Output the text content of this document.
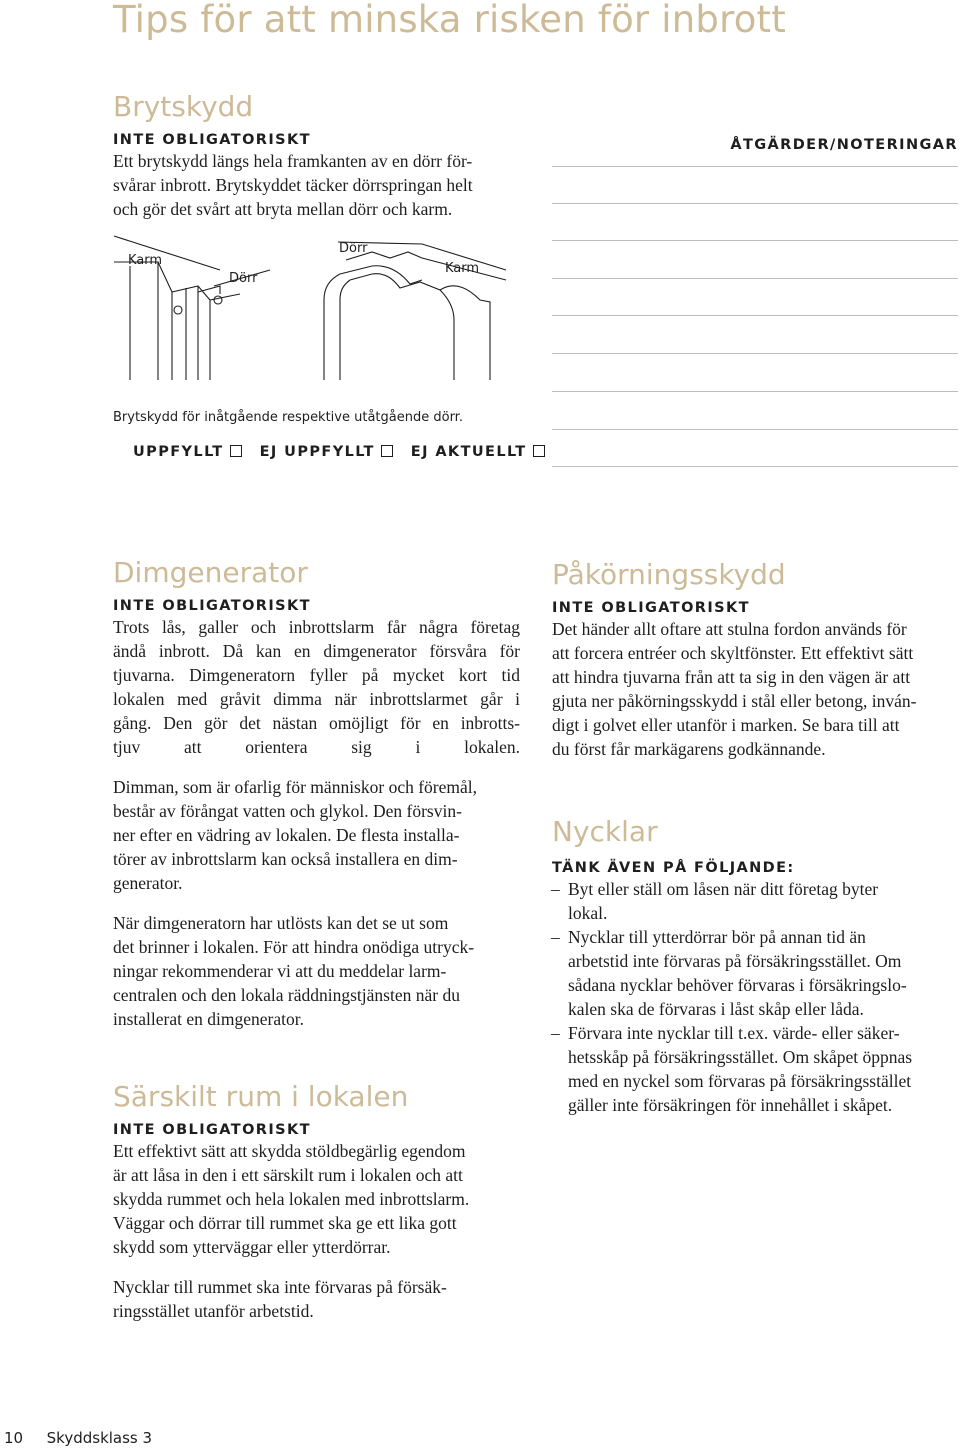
Tips för att minska risken för inbrott
Brytskydd
INTE OBLIGATORISKT

Ett brytskydd längs hela framkanten av en dörr för-
svårar inbrott. Brytskyddet täcker dörrspringan helt
och gör det svårt att bryta mellan dörr och karm.

Karm
Dörr
Dörr
Karm
Brytskydd för inåtgående respektive utåtgående dörr.
UPPFYLLT EJ UPPFYLLT EJ AKTUELLT
ÅTGÄRDER/NOTERINGAR
Dimgenerator
INTE OBLIGATORISKT

Trots lås, galler och inbrottslarm får några företag
ändå inbrott. Då kan en dimgenerator försvåra för
tjuvarna. Dimgeneratorn fyller på mycket kort tid
lokalen med gråvit dimma när inbrottslarmet går i
gång. Den gör det nästan omöjligt för en inbrotts-
tjuv att orientera sig i lokalen.

Dimman, som är ofarlig för människor och föremål,
består av förångat vatten och glykol. Den försvin-
ner efter en vädring av lokalen. De flesta installa-
törer av inbrottslarm kan också installera en dim-
generator.

När dimgeneratorn har utlösts kan det se ut som
det brinner i lokalen. För att hindra onödiga utryck-
ningar rekommenderar vi att du meddelar larm-
centralen och den lokala räddningstjänsten när du
installerat en dimgenerator.

Särskilt rum i lokalen
INTE OBLIGATORISKT

Ett effektivt sätt att skydda stöldbegärlig egendom
är att låsa in den i ett särskilt rum i lokalen och att
skydda rummet och hela lokalen med inbrottslarm.
Väggar och dörrar till rummet ska ge ett lika gott
skydd som ytterväggar eller ytterdörrar.

Nycklar till rummet ska inte förvaras på försäk-
ringsstället utanför arbetstid.

Påkörningsskydd
INTE OBLIGATORISKT

Det händer allt oftare att stulna fordon används för
att forcera entréer och skyltfönster. Ett effektivt sätt
att hindra tjuvarna från att ta sig in den vägen är att
gjuta ner påkörningsskydd i stål eller betong, inván-
digt i golvet eller utanför i marken. Se bara till att
du först får markägarens godkännande.

Nycklar
TÄNK ÄVEN PÅ FÖLJANDE:
– Byt eller ställ om låsen när ditt företag byter
lokal.
– Nycklar till ytterdörrar bör på annan tid än
arbetstid inte förvaras på försäkringsstället. Om
sådana nycklar behöver förvaras i försäkringslo-
kalen ska de förvaras i låst skåp eller låda.
– Förvara inte nycklar till t.ex. värde- eller säker-
hetsskåp på försäkringsstället. Om skåpet öppnas
med en nyckel som förvaras på försäkringsstället
gäller inte försäkringen för innehållet i skåpet.
10 Skyddsklass 3
